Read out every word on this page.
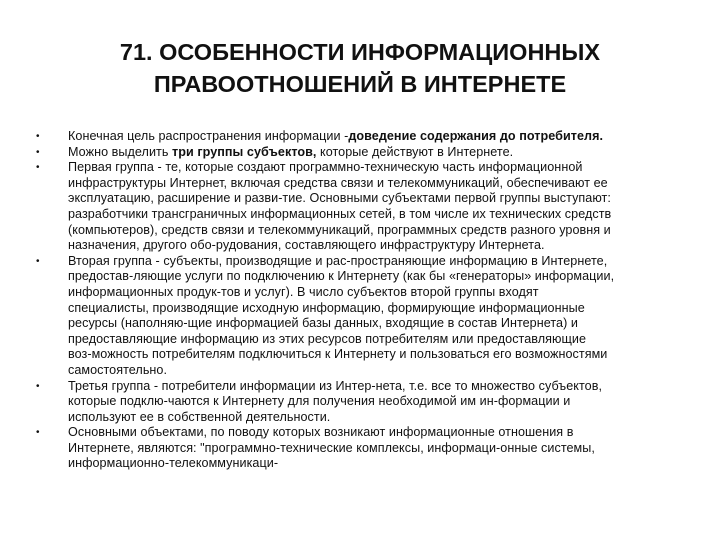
71. ОСОБЕННОСТИ ИНФОРМАЦИОННЫХ
ПРАВООТНОШЕНИЙ В ИНТЕРНЕТЕ
• Конечная цель распространения информации -доведение содержания до потребителя.
• Можно выделить три группы субъектов, которые действуют в Интернете.
• Первая группа - те, которые создают программно-техническую часть информационной
инфраструктуры Интернет, включая средства связи и телекоммуникаций, обеспечивают ее
эксплуатацию, расширение и разви-тие. Основными субъектами первой группы выступают:
разработчики трансграничных информационных сетей, в том числе их технических средств
(компьютеров), средств связи и телекоммуникаций, программных средств разного уровня и
назначения, другого обо-рудования, составляющего инфраструктуру Интернета.
• Вторая группа - субъекты, производящие и рас-пространяющие информацию в Интернете,
предостав-ляющие услуги по подключению к Интернету (как бы «генераторы» информации,
информационных продук-тов и услуг). В число субъектов второй группы входят
специалисты, производящие исходную информацию, формирующие информационные
ресурсы (наполняю-щие информацией базы данных, входящие в состав Интернета) и
предоставляющие информацию из этих ресурсов потребителям или предоставляющие
воз-можность потребителям подключиться к Интернету и пользоваться его возможностями
самостоятельно.
• Третья группа - потребители информации из Интер-нета, т.е. все то множество субъектов,
которые подклю-чаются к Интернету для получения необходимой им ин-формации и
используют ее в собственной деятельности.
• Основными объектами, по поводу которых возникают информационные отношения в
Интернете, являются: "программно-технические комплексы, информаци-онные системы,
информационно-телекоммуникаци-
